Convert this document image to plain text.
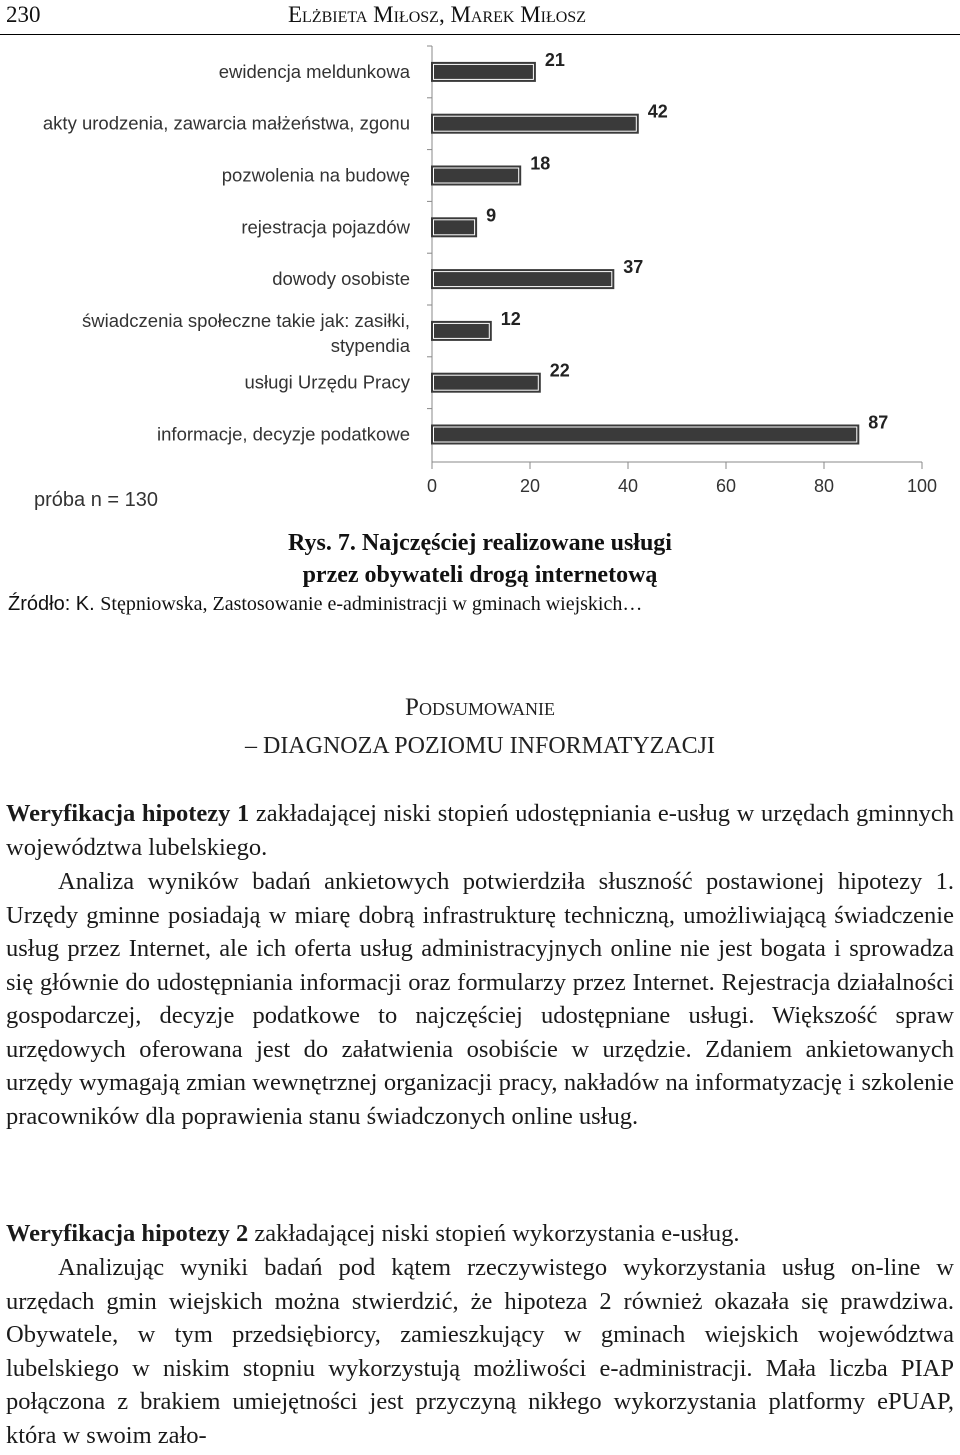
230	Elżbieta Miłosz, Marek Miłosz
0	20	40	60	80	100
21
ewidencja meldunkowa
42
akty urodzenia, zawarcia małżeństwa, zgonu
18
pozwolenia na budowę
9
rejestracja pojazdów
37
dowody osobiste
12
świadczenia społeczne takie jak: zasiłki,
stypendia
22
usługi Urzędu Pracy
87
informacje, decyzje podatkowe
próba n = 130
Rys. 7. Najczęściej realizowane usługi
przez obywateli drogą internetową
Źródło: K. Stępniowska, Zastosowanie e-administracji w gminach wiejskich…
Podsumowanie
– DIAGNOZA POZIOMU INFORMATYZACJI
Weryfikacja hipotezy 1 zakładającej niski stopień udostępniania e-usług w urzędach gminnych województwa lubelskiego.
Analiza wyników badań ankietowych potwierdziła słuszność postawionej hipotezy 1. Urzędy gminne posiadają w miarę dobrą infrastrukturę techniczną, umożliwiającą świadczenie usług przez Internet, ale ich oferta usług administracyjnych online nie jest bogata i sprowadza się głównie do udostępniania informacji oraz formularzy przez Internet. Rejestracja działalności gospodarczej, decyzje podatkowe to najczęściej udostępniane usługi. Większość spraw urzędowych oferowana jest do załatwienia osobiście w urzędzie. Zdaniem ankietowanych urzędy wymagają zmian wewnętrznej organizacji pracy, nakładów na informatyzację i szkolenie pracowników dla poprawienia stanu świadczonych online usług.
Weryfikacja hipotezy 2 zakładającej niski stopień wykorzystania e-usług.
Analizując wyniki badań pod kątem rzeczywistego wykorzystania usług on-line w urzędach gmin wiejskich można stwierdzić, że hipoteza 2 również okazała się prawdziwa. Obywatele, w tym przedsiębiorcy, zamieszkujący w gminach wiejskich województwa lubelskiego w niskim stopniu wykorzystują możliwości e-administracji. Mała liczba PIAP połączona z brakiem umiejętności jest przyczyną nikłego wykorzystania platformy ePUAP, która w swoim zało-
